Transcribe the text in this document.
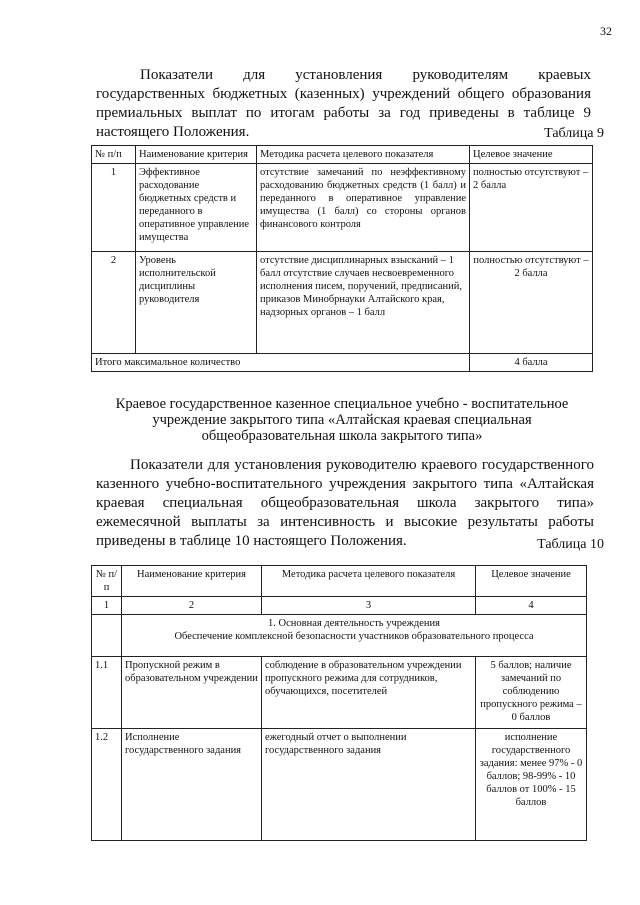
32
Показатели для установления руководителям краевых государственных бюджетных (казенных) учреждений общего образования премиальных выплат по итогам работы за год приведены в таблице 9 настоящего Положения.	Таблица 9
№ п/п	Наименование критерия	Методика расчета целевого показателя	Целевое значение
1	Эффективное расходование бюджетных средств и переданного в оперативное управление имущества	отсутствие замечаний по неэффективному расходованию бюджетных средств (1 балл) и переданного в оперативное управление имущества (1 балл) со стороны органов финансового контроля	полностью отсутствуют – 2 балла
2	Уровень исполнительской дисциплины руководителя	отсутствие дисциплинарных взысканий – 1 балл отсутствие случаев несвоевременного исполнения писем, поручений, предписаний, приказов Минобрнауки Алтайского края, надзорных органов – 1 балл	полностью отсутствуют – 2 балла
Итого максимальное количество			4 балла
Краевое государственное казенное специальное учебно - воспитательное учреждение закрытого типа «Алтайская краевая специальная общеобразовательная школа закрытого типа»
Показатели для установления руководителю краевого государственного казенного учебно-воспитательного учреждения закрытого типа «Алтайская краевая специальная общеобразовательная школа закрытого типа» ежемесячной выплаты за интенсивность и высокие результаты работы приведены в таблице 10 настоящего Положения.	Таблица 10
№ п/п	Наименование критерия	Методика расчета целевого показателя	Целевое значение
1	2	3	4

	1. Основная деятельность учреждения
Обеспечение комплексной безопасности участников образовательного процесса		

1.1	Пропускной режим в образовательном учреждении	соблюдение в образовательном учреждении пропускного режима для сотрудников, обучающихся, посетителей	5 баллов; наличие замечаний по соблюдению пропускного режима – 0 баллов
1.2	Исполнение государственного задания	ежегодный отчет о выполнении государственного задания	исполнение государственного задания: менее 97% - 0 баллов; 98-99% - 10 баллов от 100% - 15 баллов
